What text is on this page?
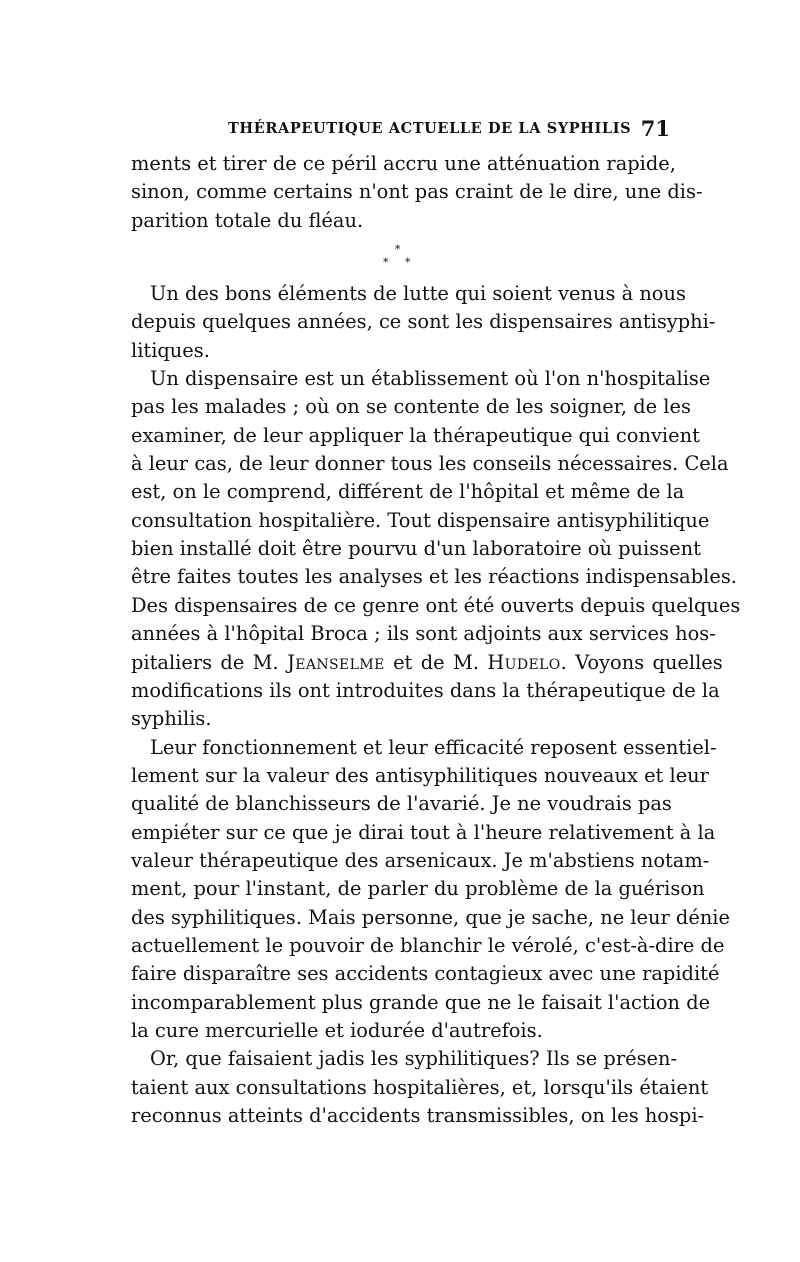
THÉRAPEUTIQUE ACTUELLE DE LA SYPHILIS 71
ments et tirer de ce péril accru une atténuation rapide,
sinon, comme certains n'ont pas craint de le dire, une dis-
parition totale du fléau.
*
* *
Un des bons éléments de lutte qui soient venus à nous
depuis quelques années, ce sont les dispensaires antisyphi-
litiques.
Un dispensaire est un établissement où l'on n'hospitalise
pas les malades ; où on se contente de les soigner, de les
examiner, de leur appliquer la thérapeutique qui convient
à leur cas, de leur donner tous les conseils nécessaires. Cela
est, on le comprend, différent de l'hôpital et même de la
consultation hospitalière. Tout dispensaire antisyphilitique
bien installé doit être pourvu d'un laboratoire où puissent
être faites toutes les analyses et les réactions indispensables.
Des dispensaires de ce genre ont été ouverts depuis quelques
années à l'hôpital Broca ; ils sont adjoints aux services hos-
pitaliers de M. Jeanselme et de M. Hudelo. Voyons quelles
modifications ils ont introduites dans la thérapeutique de la
syphilis.
Leur fonctionnement et leur efficacité reposent essentiel-
lement sur la valeur des antisyphilitiques nouveaux et leur
qualité de blanchisseurs de l'avarié. Je ne voudrais pas
empiéter sur ce que je dirai tout à l'heure relativement à la
valeur thérapeutique des arsenicaux. Je m'abstiens notam-
ment, pour l'instant, de parler du problème de la guérison
des syphilitiques. Mais personne, que je sache, ne leur dénie
actuellement le pouvoir de blanchir le vérolé, c'est-à-dire de
faire disparaître ses accidents contagieux avec une rapidité
incomparablement plus grande que ne le faisait l'action de
la cure mercurielle et iodurée d'autrefois.
Or, que faisaient jadis les syphilitiques? Ils se présen-
taient aux consultations hospitalières, et, lorsqu'ils étaient
reconnus atteints d'accidents transmissibles, on les hospi-
